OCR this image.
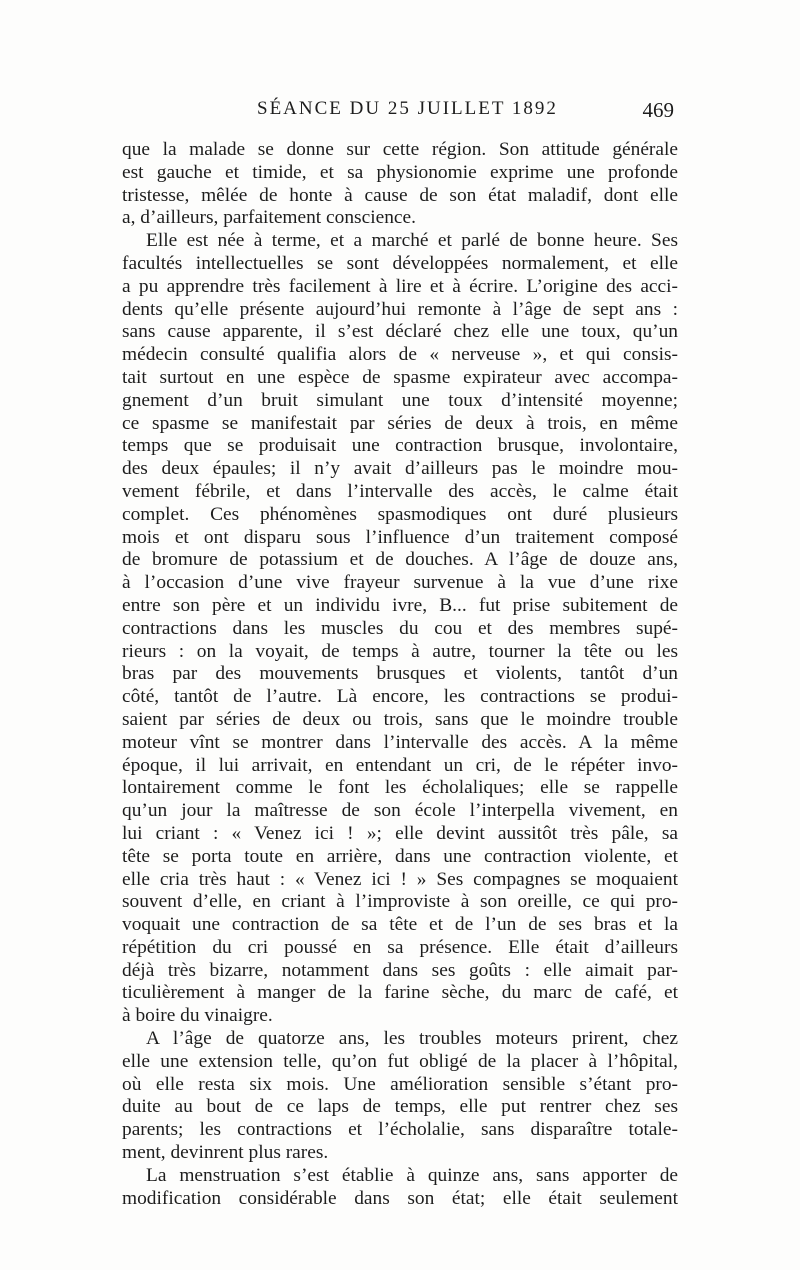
SÉANCE DU 25 JUILLET 1892	469

que la malade se donne sur cette région. Son attitude générale
est gauche et timide, et sa physionomie exprime une profonde
tristesse, mêlée de honte à cause de son état maladif, dont elle
a, d’ailleurs, parfaitement conscience.

Elle est née à terme, et a marché et parlé de bonne heure. Ses
facultés intellectuelles se sont développées normalement, et elle
a pu apprendre très facilement à lire et à écrire. L’origine des acci-
dents qu’elle présente aujourd’hui remonte à l’âge de sept ans :
sans cause apparente, il s’est déclaré chez elle une toux, qu’un
médecin consulté qualifia alors de « nerveuse », et qui consis-
tait surtout en une espèce de spasme expirateur avec accompa-
gnement d’un bruit simulant une toux d’intensité moyenne;
ce spasme se manifestait par séries de deux à trois, en même
temps que se produisait une contraction brusque, involontaire,
des deux épaules; il n’y avait d’ailleurs pas le moindre mou-
vement fébrile, et dans l’intervalle des accès, le calme était
complet. Ces phénomènes spasmodiques ont duré plusieurs
mois et ont disparu sous l’influence d’un traitement composé
de bromure de potassium et de douches. A l’âge de douze ans,
à l’occasion d’une vive frayeur survenue à la vue d’une rixe
entre son père et un individu ivre, B... fut prise subitement de
contractions dans les muscles du cou et des membres supé-
rieurs : on la voyait, de temps à autre, tourner la tête ou les
bras par des mouvements brusques et violents, tantôt d’un
côté, tantôt de l’autre. Là encore, les contractions se produi-
saient par séries de deux ou trois, sans que le moindre trouble
moteur vînt se montrer dans l’intervalle des accès. A la même
époque, il lui arrivait, en entendant un cri, de le répéter invo-
lontairement comme le font les écholaliques; elle se rappelle
qu’un jour la maîtresse de son école l’interpella vivement, en
lui criant : « Venez ici ! »; elle devint aussitôt très pâle, sa
tête se porta toute en arrière, dans une contraction violente, et
elle cria très haut : « Venez ici ! » Ses compagnes se moquaient
souvent d’elle, en criant à l’improviste à son oreille, ce qui pro-
voquait une contraction de sa tête et de l’un de ses bras et la
répétition du cri poussé en sa présence. Elle était d’ailleurs
déjà très bizarre, notamment dans ses goûts : elle aimait par-
ticulièrement à manger de la farine sèche, du marc de café, et
à boire du vinaigre.

A l’âge de quatorze ans, les troubles moteurs prirent, chez
elle une extension telle, qu’on fut obligé de la placer à l’hôpital,
où elle resta six mois. Une amélioration sensible s’étant pro-
duite au bout de ce laps de temps, elle put rentrer chez ses
parents; les contractions et l’écholalie, sans disparaître totale-
ment, devinrent plus rares.

La menstruation s’est établie à quinze ans, sans apporter de
modification considérable dans son état; elle était seulement
